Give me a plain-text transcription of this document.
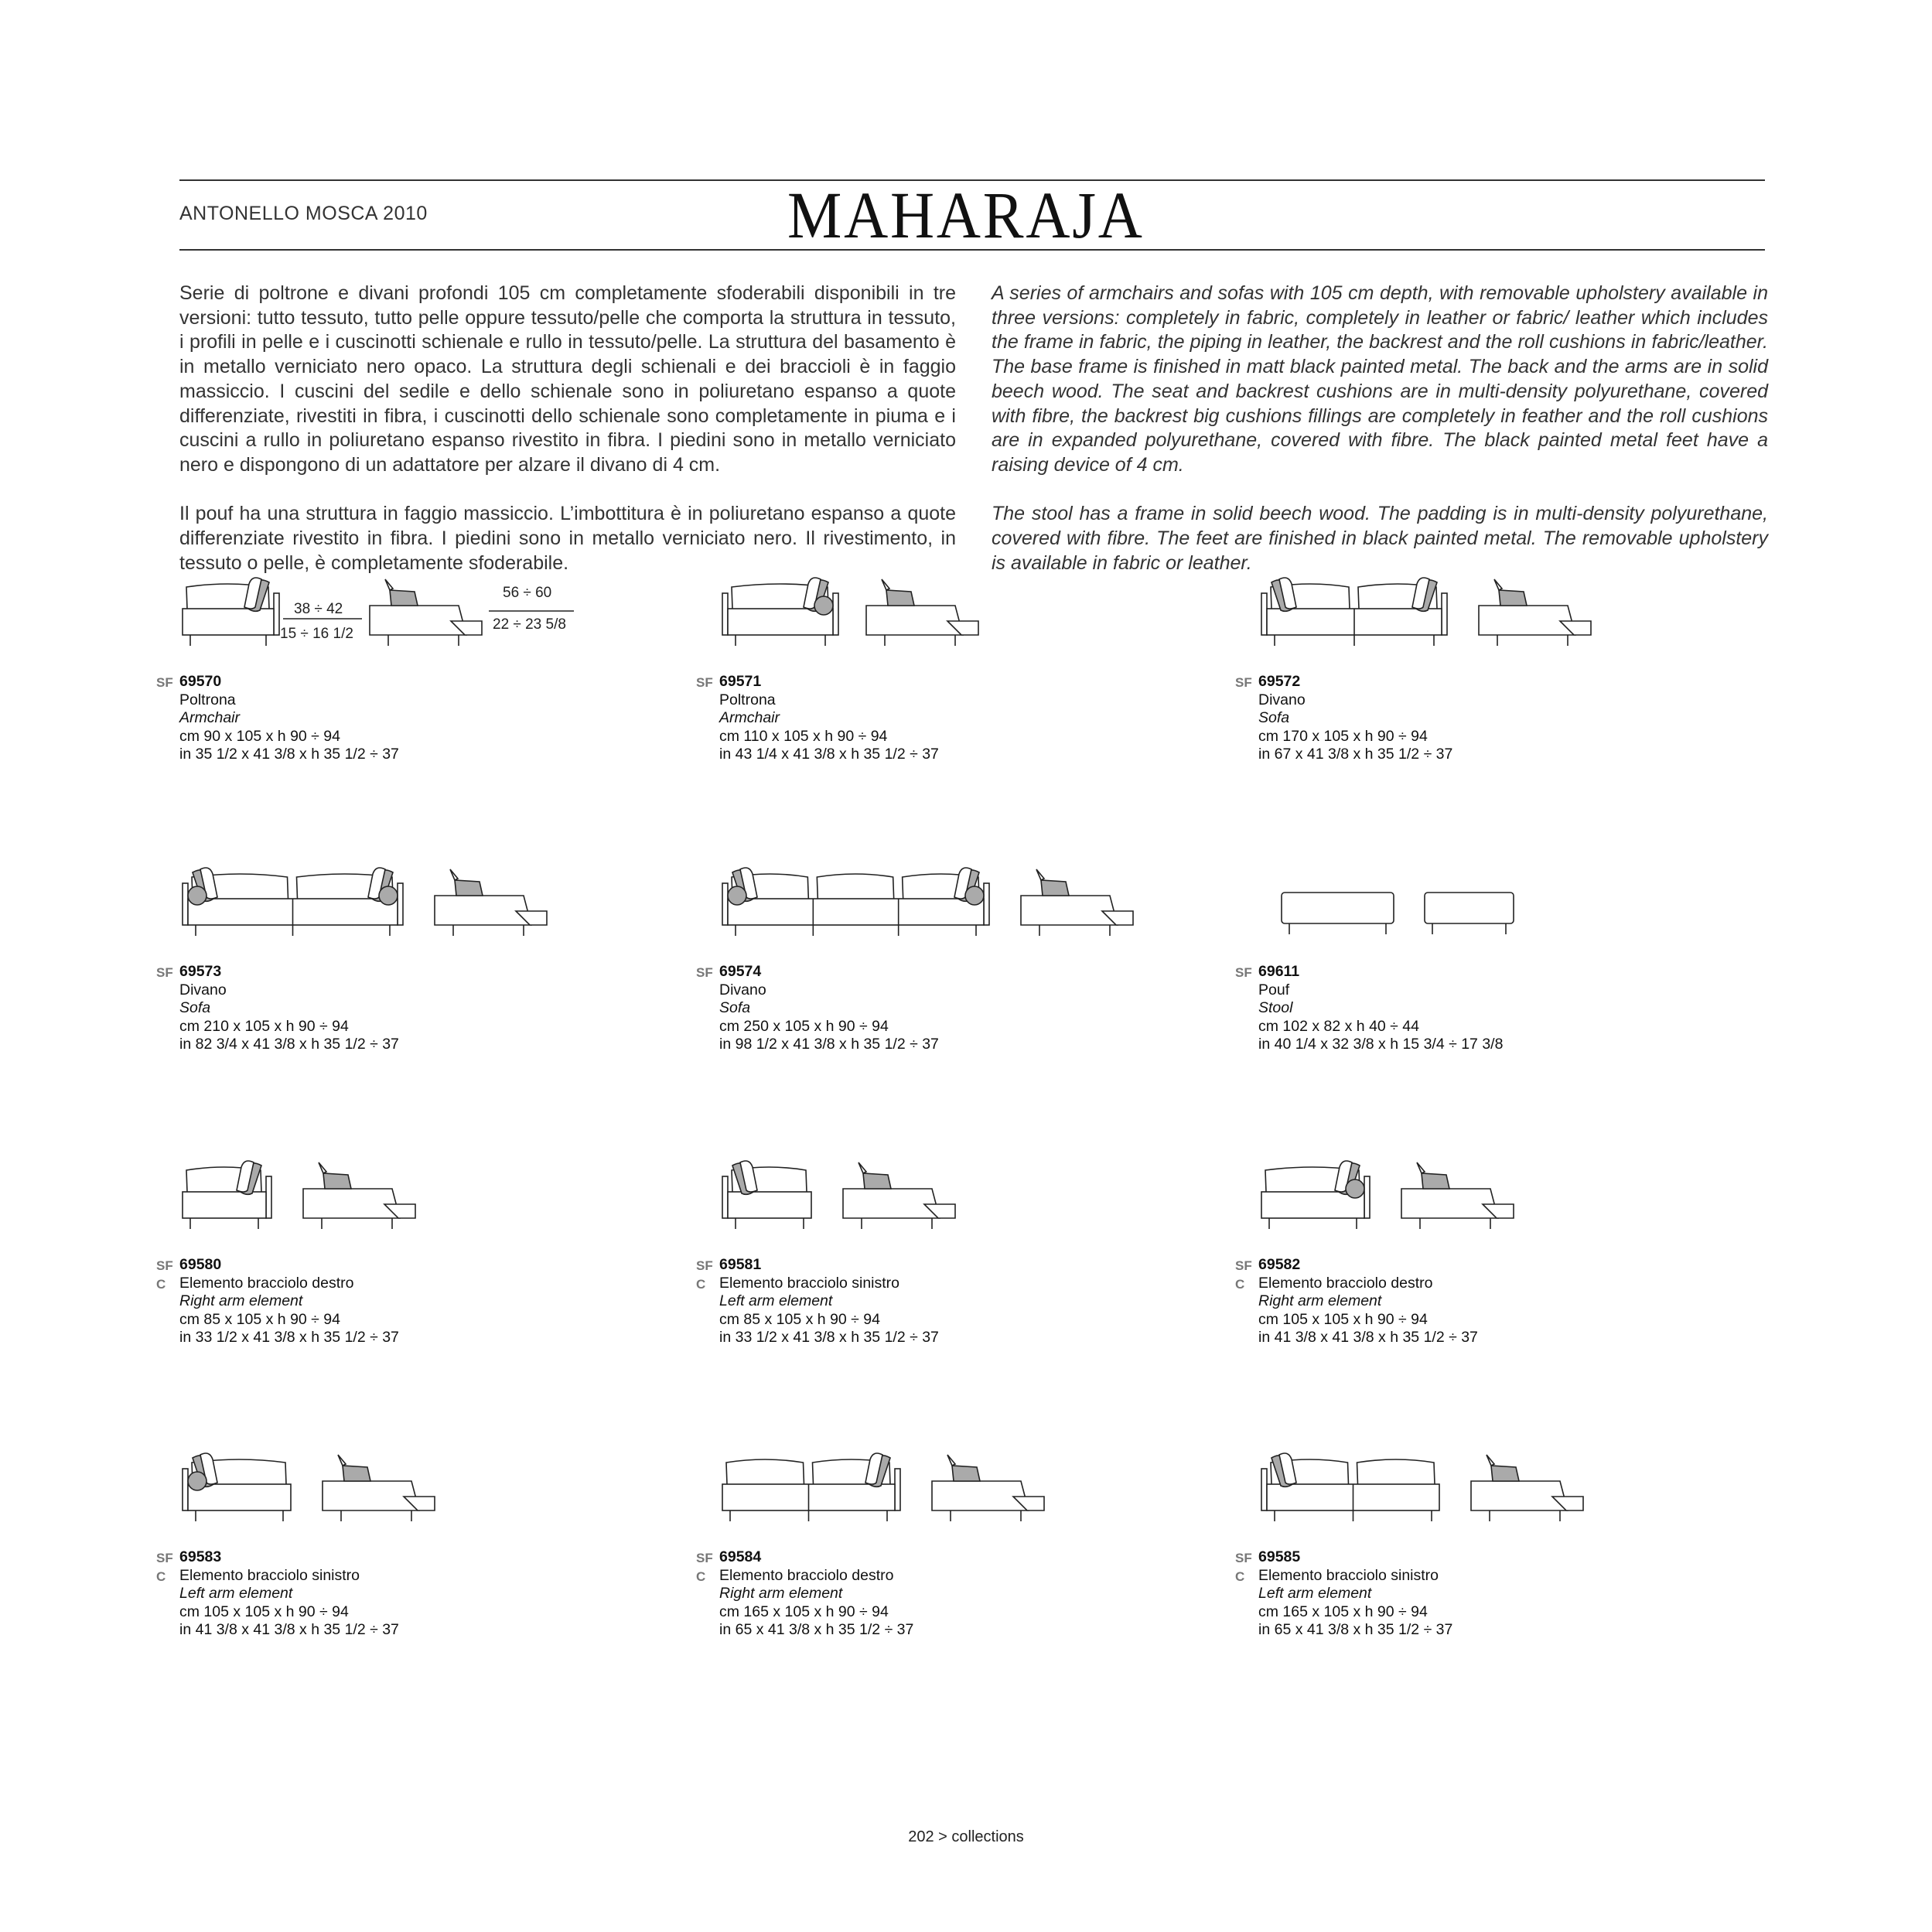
ANTONELLO MOSCA 2010	MAHARAJA

Serie di poltrone e divani profondi 105 cm completamente sfoderabili disponibili in tre versioni: tutto tessuto, tutto pelle oppure tessuto/pelle che comporta la struttura in tessuto, i profili in pelle e i cuscinotti schienale e rullo in tessuto/pelle. La struttura del basamento è in metallo verniciato nero opaco. La struttura degli schienali e dei braccioli è in faggio massiccio. I cuscini del sedile e dello schienale sono in poliuretano espanso a quote differenziate, rivestiti in fibra, i cuscinotti dello schienale sono completamente in piuma e i cuscini a rullo in poliuretano espanso rivestito in fibra. I piedini sono in metallo verniciato nero e dispongono di un adattatore per alzare il divano di 4 cm.

Il pouf ha una struttura in faggio massiccio. L’imbottitura è in poliuretano espanso a quote differenziate rivestito in fibra. I piedini sono in metallo verniciato nero. Il rivestimento, in tessuto o pelle, è completamente sfoderabile.

A series of armchairs and sofas with 105 cm depth, with removable upholstery available in three versions: completely in fabric, completely in leather or fabric/ leather which includes the frame in fabric, the piping in leather, the backrest and the roll cushions in fabric/leather. The base frame is finished in matt black painted metal. The back and the arms are in solid beech wood. The seat and backrest cushions are in multi-density polyurethane, covered with fibre, the backrest big cushions fillings are completely in feather and the roll cushions are in expanded polyurethane, covered with fibre. The black painted metal feet have a raising device of 4 cm.

The stool has a frame in solid beech wood. The padding is in multi-density polyurethane, covered with fibre. The feet are finished in black painted metal. The removable upholstery is available in fabric or leather.

SF 69570
Poltrona
Armchair
cm 90 x 105 x h 90 ÷ 94
in 35 1/2 x 41 3/8 x h 35 1/2 ÷ 37
38 ÷ 42
15 ÷ 16 1/2
56 ÷ 60
22 ÷ 23 5/8
SF 69571
Poltrona
Armchair
cm 110 x 105 x h 90 ÷ 94
in 43 1/4 x 41 3/8 x h 35 1/2 ÷ 37
SF 69572
Divano
Sofa
cm 170 x 105 x h 90 ÷ 94
in 67 x 41 3/8 x h 35 1/2 ÷ 37
SF 69573
Divano
Sofa
cm 210 x 105 x h 90 ÷ 94
in 82 3/4 x 41 3/8 x h 35 1/2 ÷ 37
SF 69574
Divano
Sofa
cm 250 x 105 x h 90 ÷ 94
in 98 1/2 x 41 3/8 x h 35 1/2 ÷ 37
SF 69611
Pouf
Stool
cm 102 x 82 x h 40 ÷ 44
in 40 1/4 x 32 3/8 x h 15 3/4 ÷ 17 3/8
SF
C
69580
Elemento bracciolo destro
Right arm element
cm 85 x 105 x h 90 ÷ 94
in 33 1/2 x 41 3/8 x h 35 1/2 ÷ 37
SF
C
69581
Elemento bracciolo sinistro
Left arm element
cm 85 x 105 x h 90 ÷ 94
in 33 1/2 x 41 3/8 x h 35 1/2 ÷ 37
SF
C
69582
Elemento bracciolo destro
Right arm element
cm 105 x 105 x h 90 ÷ 94
in 41 3/8 x 41 3/8 x h 35 1/2 ÷ 37
SF
C
69583
Elemento bracciolo sinistro
Left arm element
cm 105 x 105 x h 90 ÷ 94
in 41 3/8 x 41 3/8 x h 35 1/2 ÷ 37
SF
C
69584
Elemento bracciolo destro
Right arm element
cm 165 x 105 x h 90 ÷ 94
in 65 x 41 3/8 x h 35 1/2 ÷ 37
SF
C
69585
Elemento bracciolo sinistro
Left arm element
cm 165 x 105 x h 90 ÷ 94
in 65 x 41 3/8 x h 35 1/2 ÷ 37
202 > collections
